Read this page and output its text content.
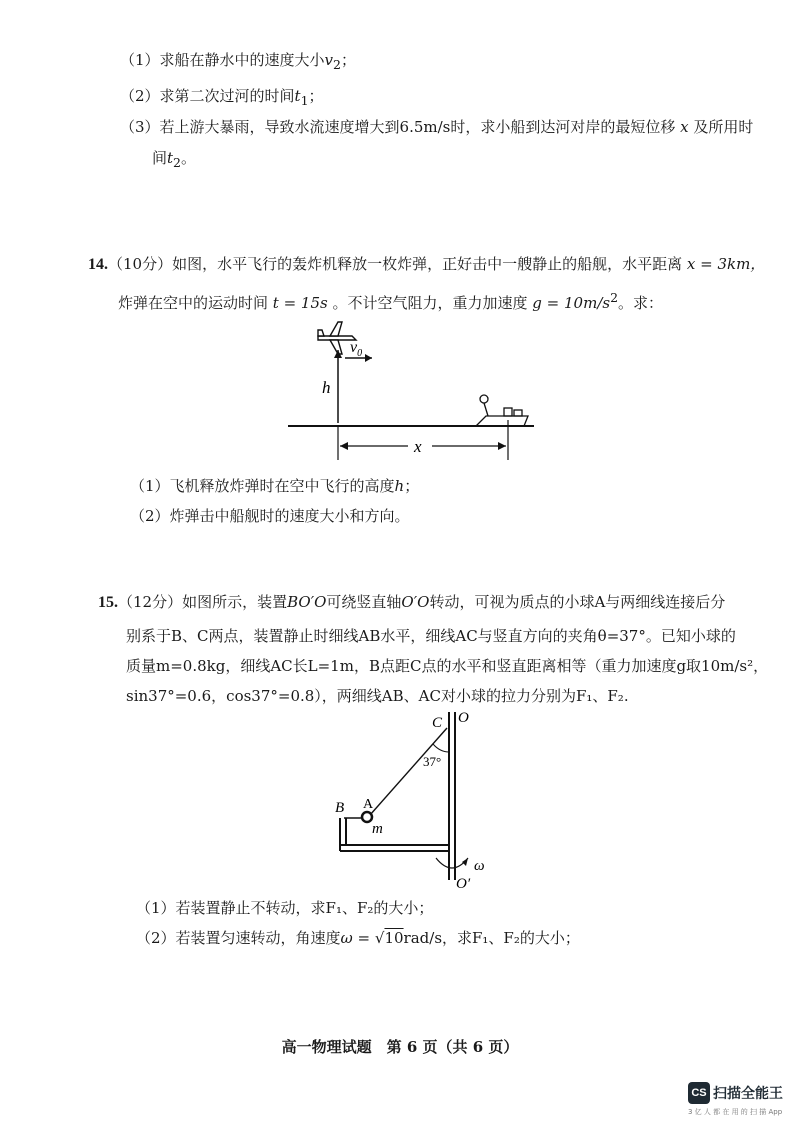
（1）求船在静水中的速度大小$v_2$；
（2）求第二次过河的时间$t_1$；
（3）若上游大暴雨，导致水流速度增大到6.5m/s时，求小船到达河对岸的最短位移 x 及所用时
间$t_2$。
14.（10分）如图，水平飞行的轰炸机释放一枚炸弹，正好击中一艘静止的船舰，水平距离 x = 3km，
炸弹在空中的运动时间 t = 15s 。不计空气阻力，重力加速度 $g = 10m/s^2$。求：
$v_0$
h
x
（1）飞机释放炸弹时在空中飞行的高度h；
（2）炸弹击中船舰时的速度大小和方向。
15.（12分）如图所示，装置BO′O可绕竖直轴O′O转动，可视为质点的小球A与两细线连接后分
别系于B、C两点，装置静止时细线AB水平，细线AC与竖直方向的夹角θ=37°。已知小球的
质量m=0.8kg，细线AC长L=1m，B点距C点的水平和竖直距离相等（重力加速度g取10m/s²，
sin37°=0.6，cos37°=0.8），两细线AB、AC对小球的拉力分别为F₁、F₂.
C O
37°
B A
m
ω
O′
（1）若装置静止不转动，求F₁、F₂的大小；
（2）若装置匀速转动，角速度ω = √10rad/s，求F₁、F₂的大小；
高一物理试题　第 6 页（共 6 页）
CS 扫描全能王
3 亿 人 都 在 用 的 扫 描 App
